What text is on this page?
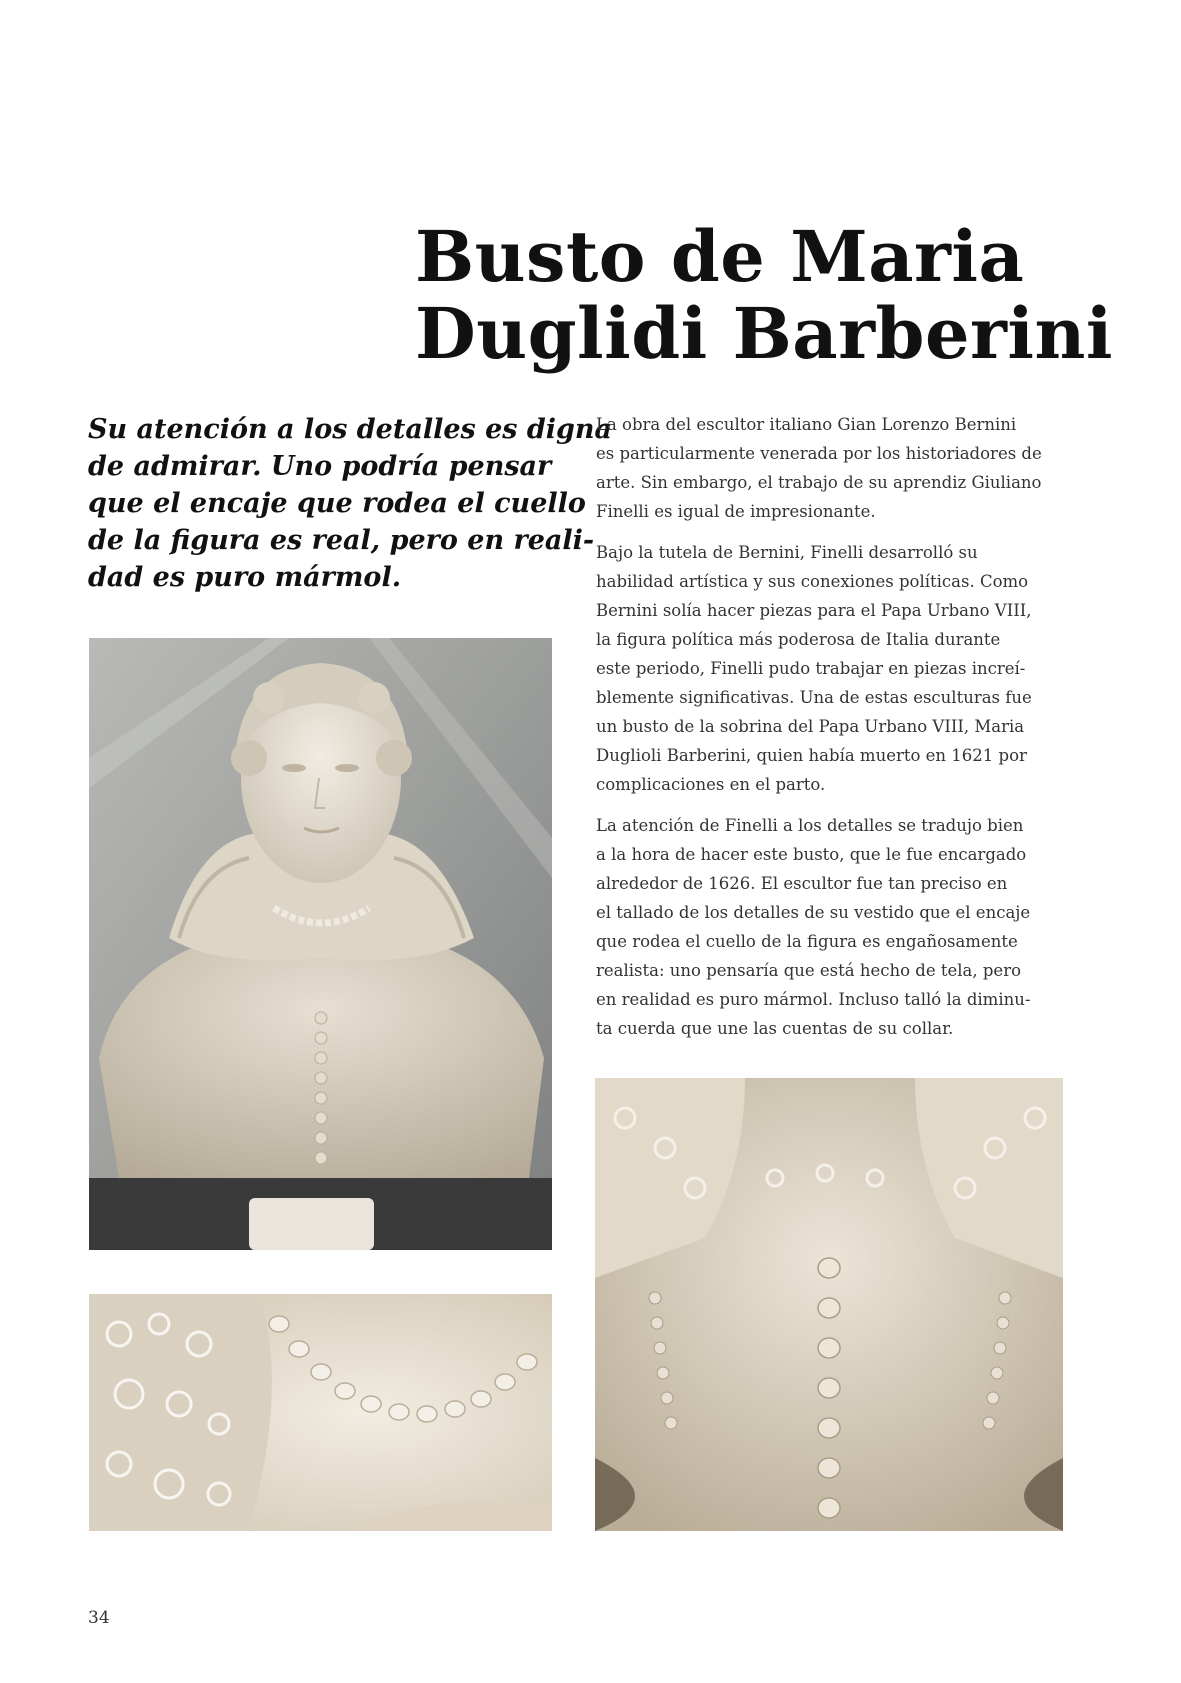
Busto de Maria
Duglidi Barberini
Su atención a los detalles es digna
de admirar. Uno podría pensar
que el encaje que rodea el cuello
de la figura es real, pero en reali-
dad es puro mármol.

La obra del escultor italiano Gian Lorenzo Bernini
es particularmente venerada por los historiadores de
arte. Sin embargo, el trabajo de su aprendiz Giuliano
Finelli es igual de impresionante.

Bajo la tutela de Bernini, Finelli desarrolló su
habilidad artística y sus conexiones políticas. Como
Bernini solía hacer piezas para el Papa Urbano VIII,
la figura política más poderosa de Italia durante
este periodo, Finelli pudo trabajar en piezas increí-
blemente significativas. Una de estas esculturas fue
un busto de la sobrina del Papa Urbano VIII, Maria
Duglioli Barberini, quien había muerto en 1621 por
complicaciones en el parto.

La atención de Finelli a los detalles se tradujo bien
a la hora de hacer este busto, que le fue encargado
alrededor de 1626. El escultor fue tan preciso en
el tallado de los detalles de su vestido que el encaje
que rodea el cuello de la figura es engañosamente
realista: uno pensaría que está hecho de tela, pero
en realidad es puro mármol. Incluso talló la diminu-
ta cuerda que une las cuentas de su collar.

34
